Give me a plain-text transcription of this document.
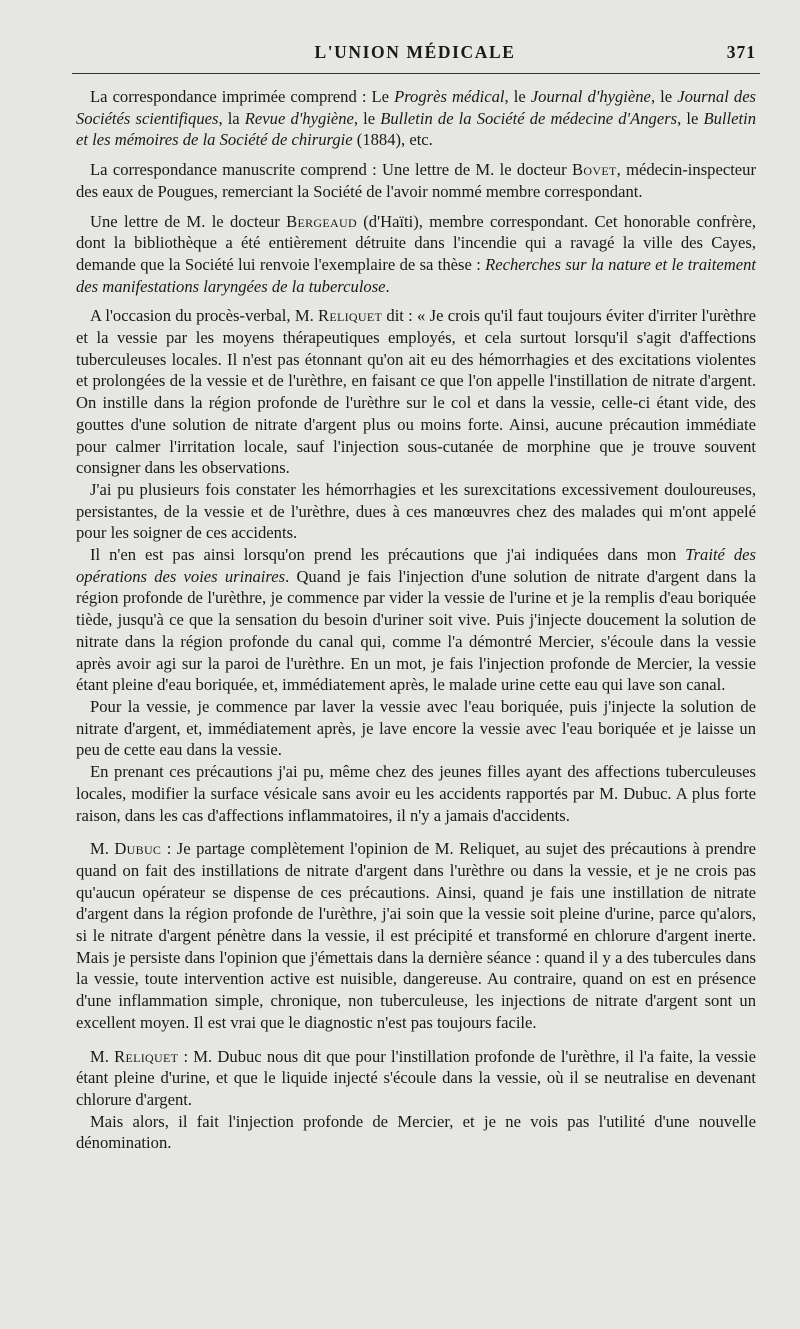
L'UNION MÉDICALE	371

La correspondance imprimée comprend : Le Progrès médical, le Journal d'hygiène, le Journal des Sociétés scientifiques, la Revue d'hygiène, le Bulletin de la Société de médecine d'Angers, le Bulletin et les mémoires de la Société de chirurgie (1884), etc.

La correspondance manuscrite comprend : Une lettre de M. le docteur Bovet, médecin-inspecteur des eaux de Pougues, remerciant la Société de l'avoir nommé membre correspondant.

Une lettre de M. le docteur Bergeaud (d'Haïti), membre correspondant. Cet honorable confrère, dont la bibliothèque a été entièrement détruite dans l'incendie qui a ravagé la ville des Cayes, demande que la Société lui renvoie l'exemplaire de sa thèse : Recherches sur la nature et le traitement des manifestations laryngées de la tuberculose.

A l'occasion du procès-verbal, M. Reliquet dit : « Je crois qu'il faut toujours éviter d'irriter l'urèthre et la vessie par les moyens thérapeutiques employés, et cela surtout lorsqu'il s'agit d'affections tuberculeuses locales. Il n'est pas étonnant qu'on ait eu des hémorrhagies et des excitations violentes et prolongées de la vessie et de l'urèthre, en faisant ce que l'on appelle l'instillation de nitrate d'argent. On instille dans la région profonde de l'urèthre sur le col et dans la vessie, celle-ci étant vide, des gouttes d'une solution de nitrate d'argent plus ou moins forte. Ainsi, aucune précaution immédiate pour calmer l'irritation locale, sauf l'injection sous-cutanée de morphine que je trouve souvent consigner dans les observations.

J'ai pu plusieurs fois constater les hémorrhagies et les surexcitations excessivement douloureuses, persistantes, de la vessie et de l'urèthre, dues à ces manœuvres chez des malades qui m'ont appelé pour les soigner de ces accidents.

Il n'en est pas ainsi lorsqu'on prend les précautions que j'ai indiquées dans mon Traité des opérations des voies urinaires. Quand je fais l'injection d'une solution de nitrate d'argent dans la région profonde de l'urèthre, je commence par vider la vessie de l'urine et je la remplis d'eau boriquée tiède, jusqu'à ce que la sensation du besoin d'uriner soit vive. Puis j'injecte doucement la solution de nitrate dans la région profonde du canal qui, comme l'a démontré Mercier, s'écoule dans la vessie après avoir agi sur la paroi de l'urèthre. En un mot, je fais l'injection profonde de Mercier, la vessie étant pleine d'eau boriquée, et, immédiatement après, le malade urine cette eau qui lave son canal.

Pour la vessie, je commence par laver la vessie avec l'eau boriquée, puis j'injecte la solution de nitrate d'argent, et, immédiatement après, je lave encore la vessie avec l'eau boriquée et je laisse un peu de cette eau dans la vessie.

En prenant ces précautions j'ai pu, même chez des jeunes filles ayant des affections tuberculeuses locales, modifier la surface vésicale sans avoir eu les accidents rapportés par M. Dubuc. A plus forte raison, dans les cas d'affections inflammatoires, il n'y a jamais d'accidents.

M. Dubuc : Je partage complètement l'opinion de M. Reliquet, au sujet des précautions à prendre quand on fait des instillations de nitrate d'argent dans l'urèthre ou dans la vessie, et je ne crois pas qu'aucun opérateur se dispense de ces précautions. Ainsi, quand je fais une instillation de nitrate d'argent dans la région profonde de l'urèthre, j'ai soin que la vessie soit pleine d'urine, parce qu'alors, si le nitrate d'argent pénètre dans la vessie, il est précipité et transformé en chlorure d'argent inerte. Mais je persiste dans l'opinion que j'émettais dans la dernière séance : quand il y a des tubercules dans la vessie, toute intervention active est nuisible, dangereuse. Au contraire, quand on est en présence d'une inflammation simple, chronique, non tuberculeuse, les injections de nitrate d'argent sont un excellent moyen. Il est vrai que le diagnostic n'est pas toujours facile.

M. Reliquet : M. Dubuc nous dit que pour l'instillation profonde de l'urèthre, il l'a faite, la vessie étant pleine d'urine, et que le liquide injecté s'écoule dans la vessie, où il se neutralise en devenant chlorure d'argent.

Mais alors, il fait l'injection profonde de Mercier, et je ne vois pas l'utilité d'une nouvelle dénomination.
